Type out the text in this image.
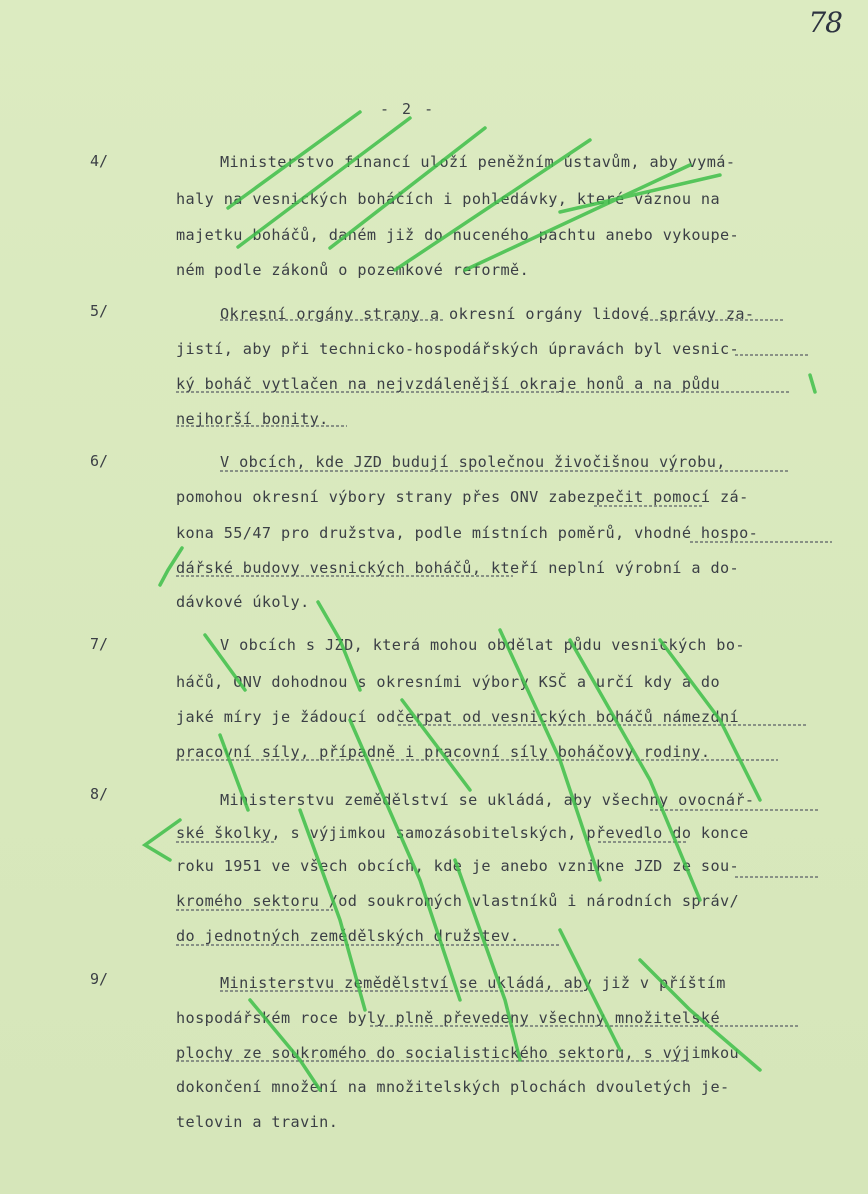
78
- 2 -
4/	Ministerstvo financí uloží peněžním ústavům, aby vymá-
haly na vesnických boháčích i pohledávky, které váznou na
majetku boháčů, daném již do nuceného pachtu anebo vykoupe-
ném podle zákonů o pozemkové reformě.
5/	Okresní orgány strany a okresní orgány lidové správy za-
jistí, aby při technicko-hospodářských úpravách byl vesnic-
ký boháč vytlačen na nejvzdálenější okraje honů a na půdu
nejhorší bonity.
6/	V obcích, kde JZD budují společnou živočišnou výrobu,
pomohou okresní výbory strany přes ONV zabezpečit pomocí zá-
kona 55/47 pro družstva, podle místních poměrů, vhodné hospo-
dářské budovy vesnických boháčů, kteří neplní výrobní a do-
dávkové úkoly.
7/	V obcích s JZD, která mohou obdělat půdu vesnických bo-
háčů, ONV dohodnou s okresními výbory KSČ a určí kdy a do
jaké míry je žádoucí odčerpat od vesnických boháčů námezdní
pracovní síly, případně i pracovní síly boháčovy rodiny.
8/	Ministerstvu zemědělství se ukládá, aby všechny ovocnář-
ské školky, s výjimkou samozásobitelských, převedlo do konce
roku 1951 ve všech obcích, kde je anebo vznikne JZD ze sou-
kromého sektoru /od soukromých vlastníků i národních správ/
do jednotných zemědělských družstev.
9/	Ministerstvu zemědělství se ukládá, aby již v příštím
hospodářském roce byly plně převedeny všechny množitelské
plochy ze soukromého do socialistického sektoru, s výjimkou
dokončení množení na množitelských plochách dvouletých je-
telovin a travin.
